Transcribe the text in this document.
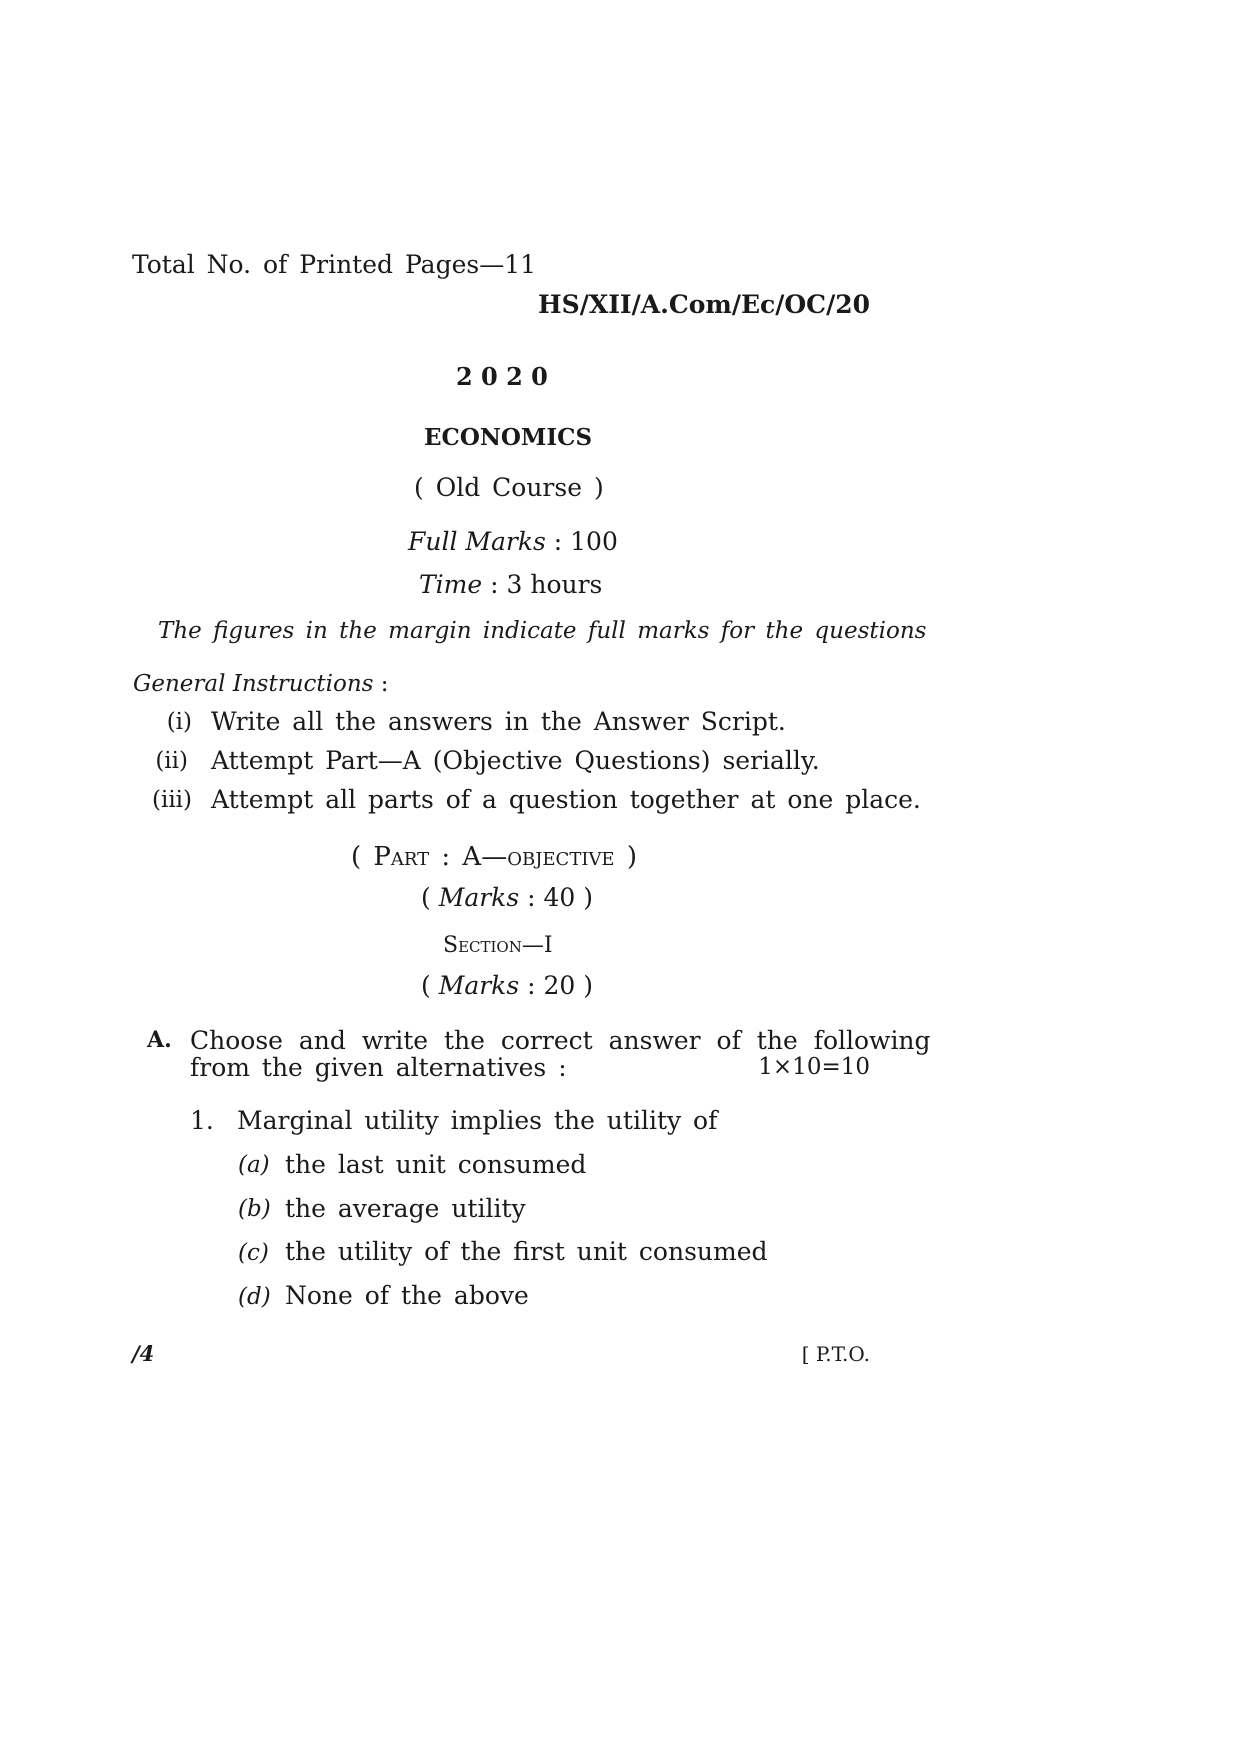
Total No. of Printed Pages—11
HS/XII/A.Com/Ec/OC/20
2 0 2 0
ECONOMICS
( Old Course )
Full Marks : 100
Time : 3 hours
The figures in the margin indicate full marks for the questions
General Instructions :
(i) Write all the answers in the Answer Script.
(ii) Attempt Part—A (Objective Questions) serially.
(iii) Attempt all parts of a question together at one place.
( Part : A—objective )
( Marks : 40 )
Section—I
( Marks : 20 )
A. Choose and write the correct answer of the following
from the given alternatives :	1×10=10
1. Marginal utility implies the utility of
(a) the last unit consumed
(b) the average utility
(c) the utility of the first unit consumed
(d) None of the above
/4	[ P.T.O.
